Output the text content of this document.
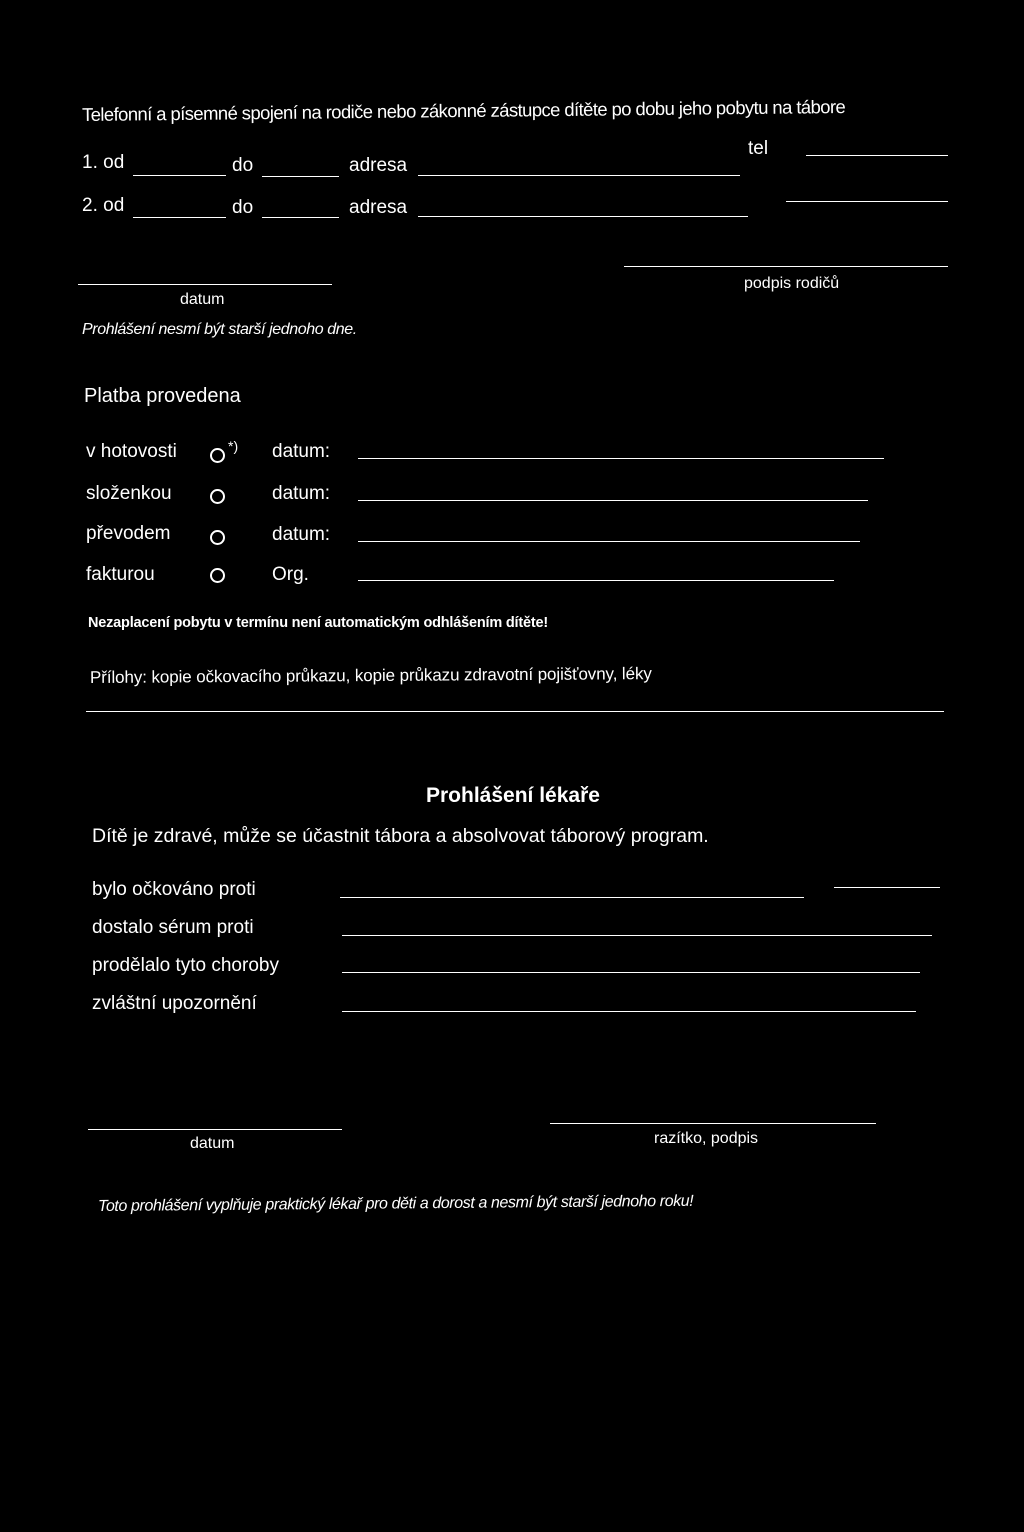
Telefonní a písemné spojení na rodiče nebo zákonné zástupce dítěte po dobu jeho pobytu na tábore
1. od	do	adresa
tel
2. od	do	adresa
datum
podpis rodičů
Prohlášení nesmí být starší jednoho dne.
Platba provedena
v hotovosti	*) datum:
složenkou	datum:
převodem	datum:
fakturou	Org.
Nezaplacení pobytu v termínu není automatickým odhlášením dítěte!
Přílohy: kopie očkovacího průkazu, kopie průkazu zdravotní pojišťovny, léky
Prohlášení lékaře
Dítě je zdravé, může se účastnit tábora a absolvovat táborový program.
bylo očkováno proti
dostalo sérum proti
prodělalo tyto choroby
zvláštní upozornění
datum	razítko, podpis
Toto prohlášení vyplňuje praktický lékař pro děti a dorost a nesmí být starší jednoho roku!
